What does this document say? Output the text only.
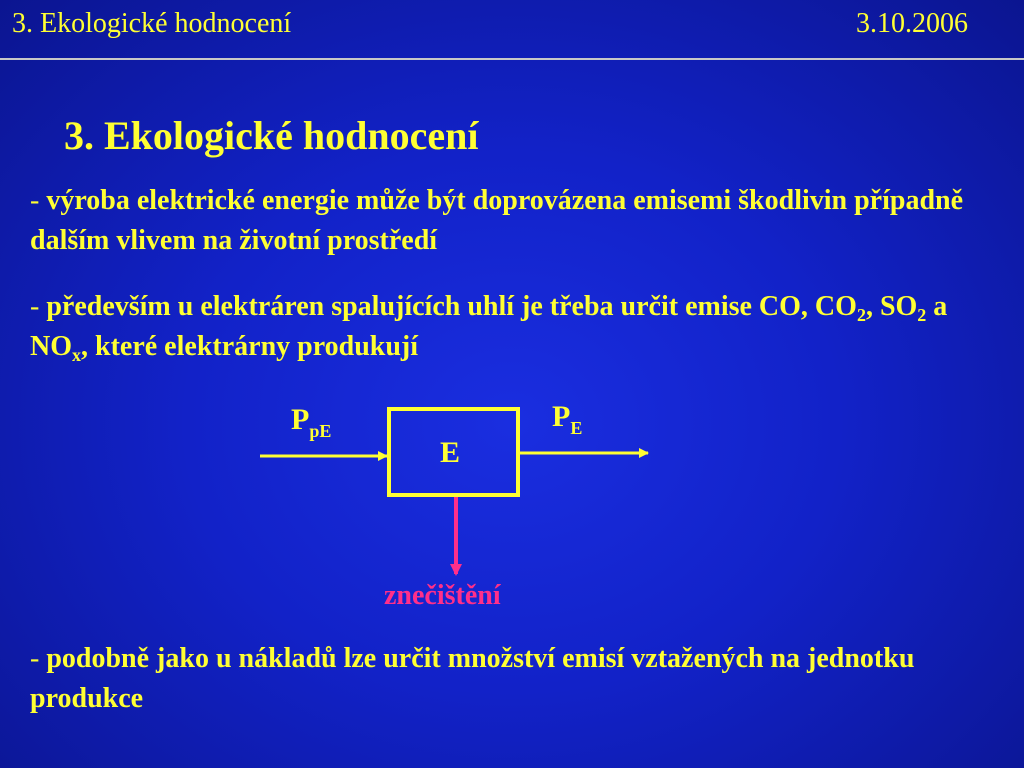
3. Ekologické hodnocení	3.10.2006
3. Ekologické hodnocení
- výroba elektrické energie může být doprovázena emisemi škodlivin případně dalším vlivem na životní prostředí
- především u elektráren spalujících uhlí je třeba určit emise CO, $CO_2$, $SO_2$ a $NO_x$, které elektrárny produkují
$P_{pE}$	$P_E$
E
znečištění
- podobně jako u nákladů lze určit množství emisí vztažených na jednotku produkce
